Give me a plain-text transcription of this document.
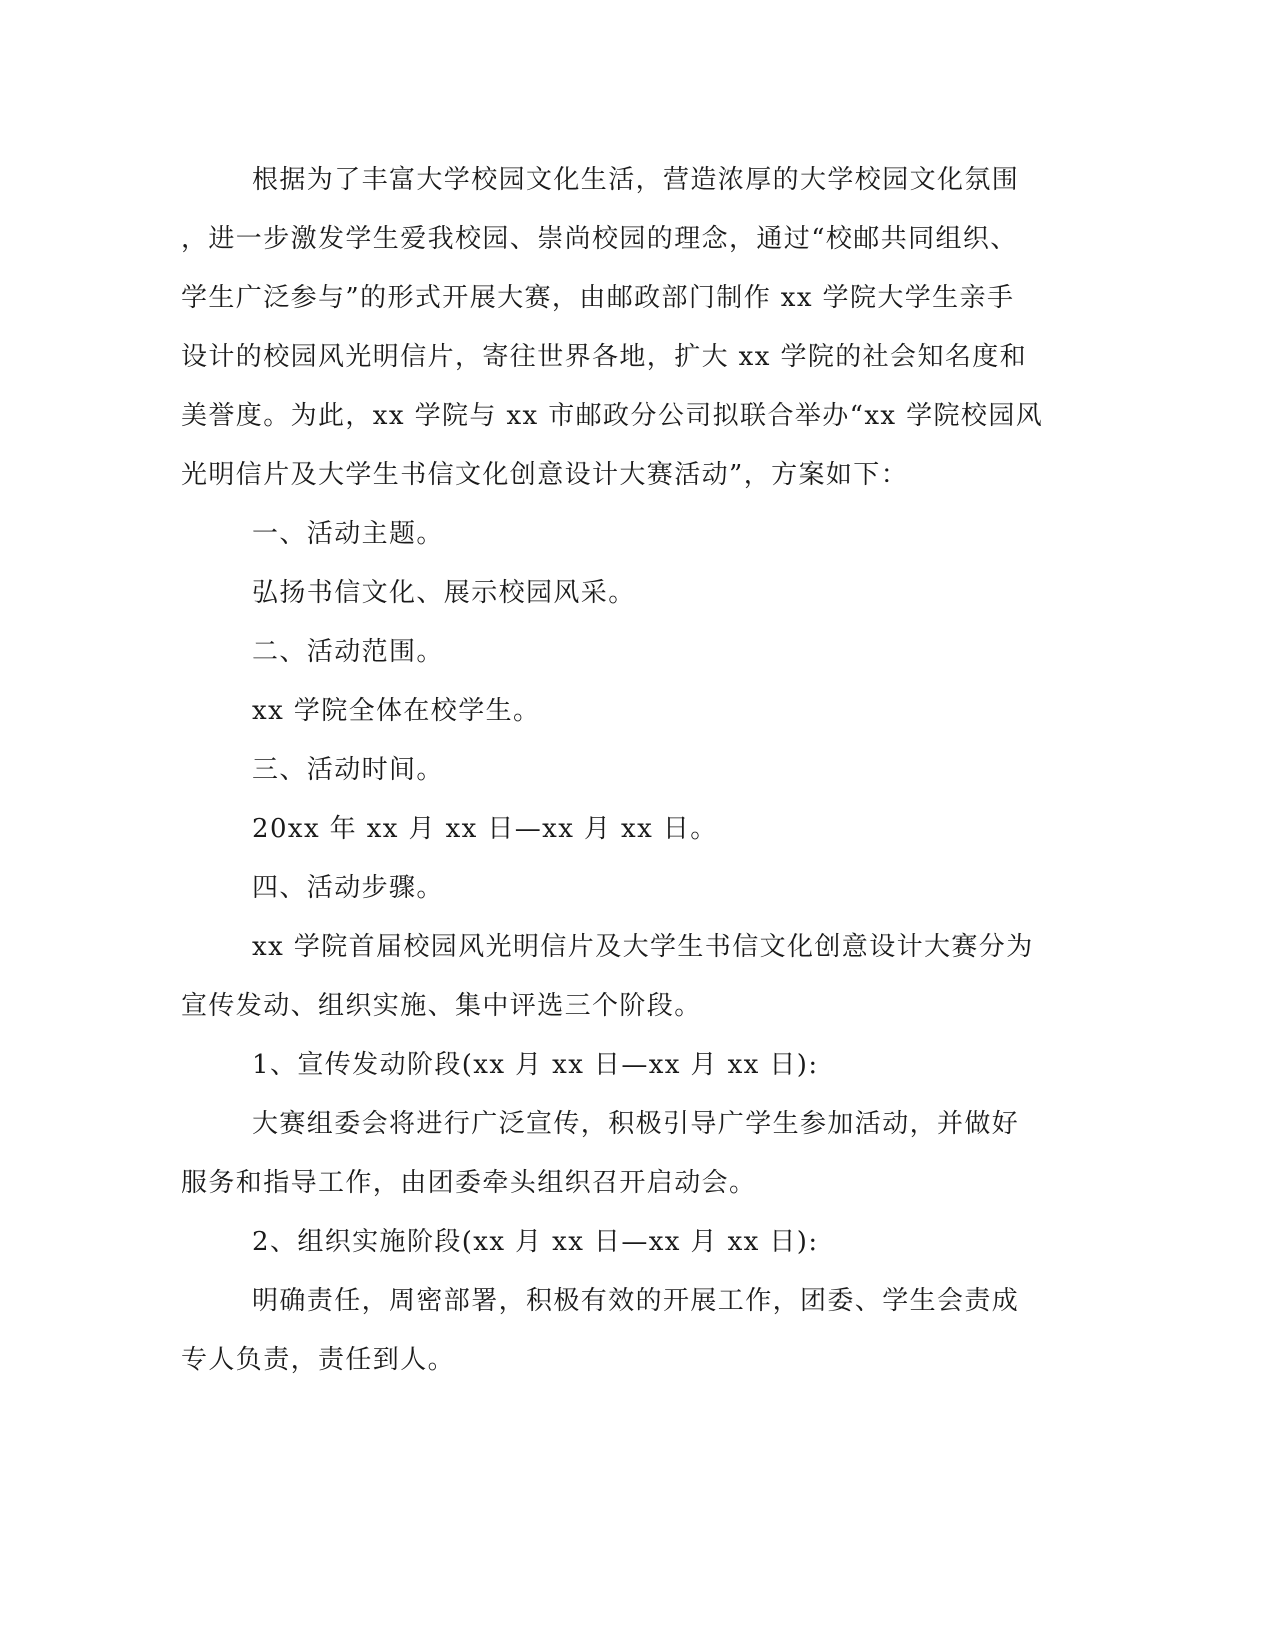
根据为了丰富大学校园文化生活，营造浓厚的大学校园文化氛围
，进一步激发学生爱我校园、崇尚校园的理念，通过“校邮共同组织、
学生广泛参与”的形式开展大赛，由邮政部门制作 xx 学院大学生亲手
设计的校园风光明信片，寄往世界各地，扩大 xx 学院的社会知名度和
美誉度。为此，xx 学院与 xx 市邮政分公司拟联合举办“xx 学院校园风
光明信片及大学生书信文化创意设计大赛活动”，方案如下：
一、活动主题。
弘扬书信文化、展示校园风采。
二、活动范围。
xx 学院全体在校学生。
三、活动时间。
20xx 年 xx 月 xx 日—xx 月 xx 日。
四、活动步骤。
xx 学院首届校园风光明信片及大学生书信文化创意设计大赛分为
宣传发动、组织实施、集中评选三个阶段。
1、宣传发动阶段(xx 月 xx 日—xx 月 xx 日):
大赛组委会将进行广泛宣传，积极引导广学生参加活动，并做好
服务和指导工作，由团委牵头组织召开启动会。
2、组织实施阶段(xx 月 xx 日—xx 月 xx 日):
明确责任，周密部署，积极有效的开展工作，团委、学生会责成
专人负责，责任到人。
